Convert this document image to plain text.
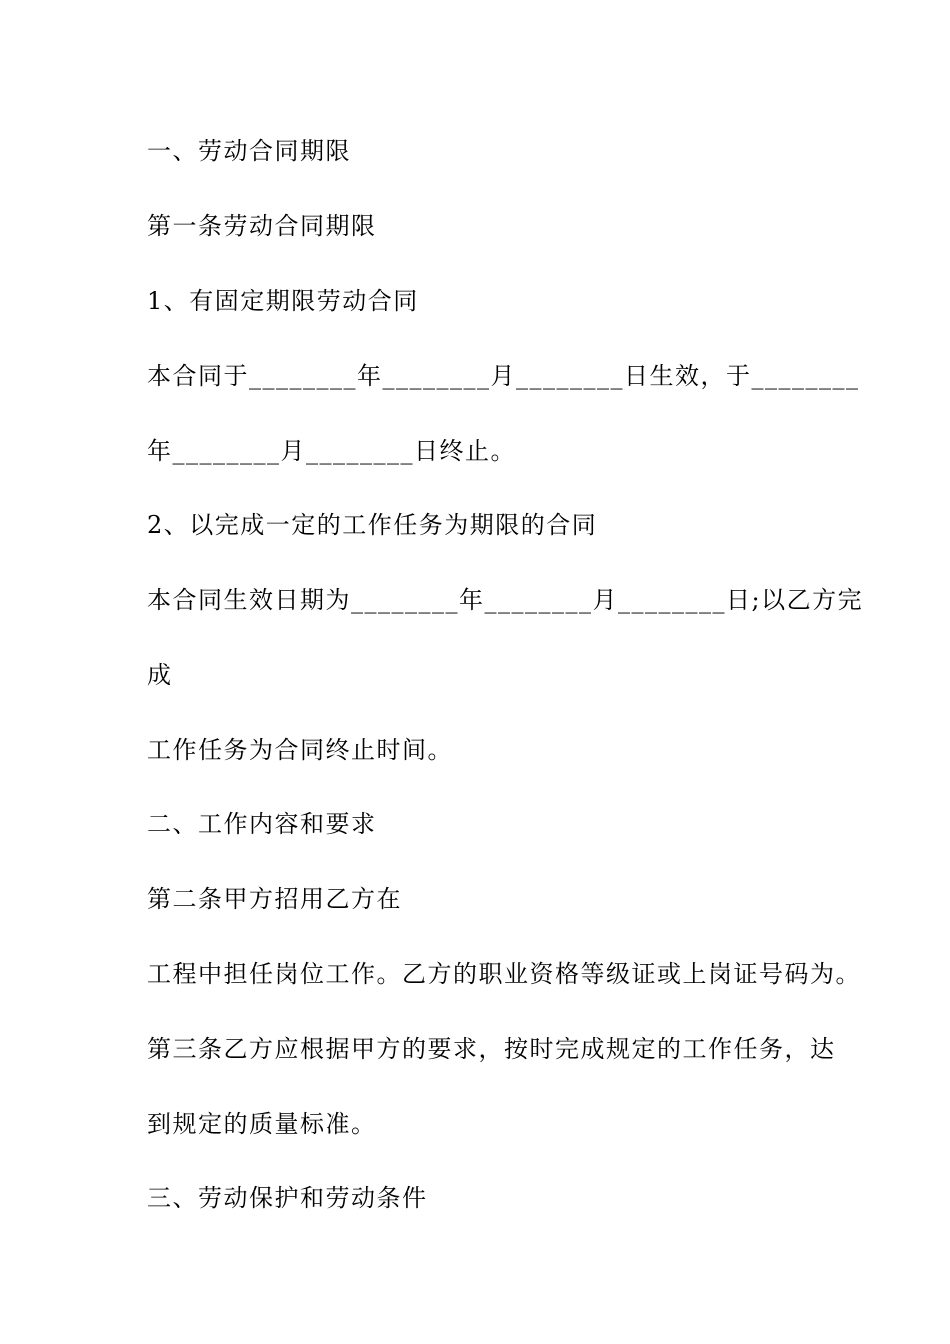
一、劳动合同期限
第一条劳动合同期限
1、有固定期限劳动合同
本合同于________年________月________日生效，于________
年________月________日终止。
2、以完成一定的工作任务为期限的合同
本合同生效日期为________年________月________日;以乙方完
成
工作任务为合同终止时间。
二、工作内容和要求
第二条甲方招用乙方在
工程中担任岗位工作。乙方的职业资格等级证或上岗证号码为。
第三条乙方应根据甲方的要求，按时完成规定的工作任务，达
到规定的质量标准。
三、劳动保护和劳动条件
